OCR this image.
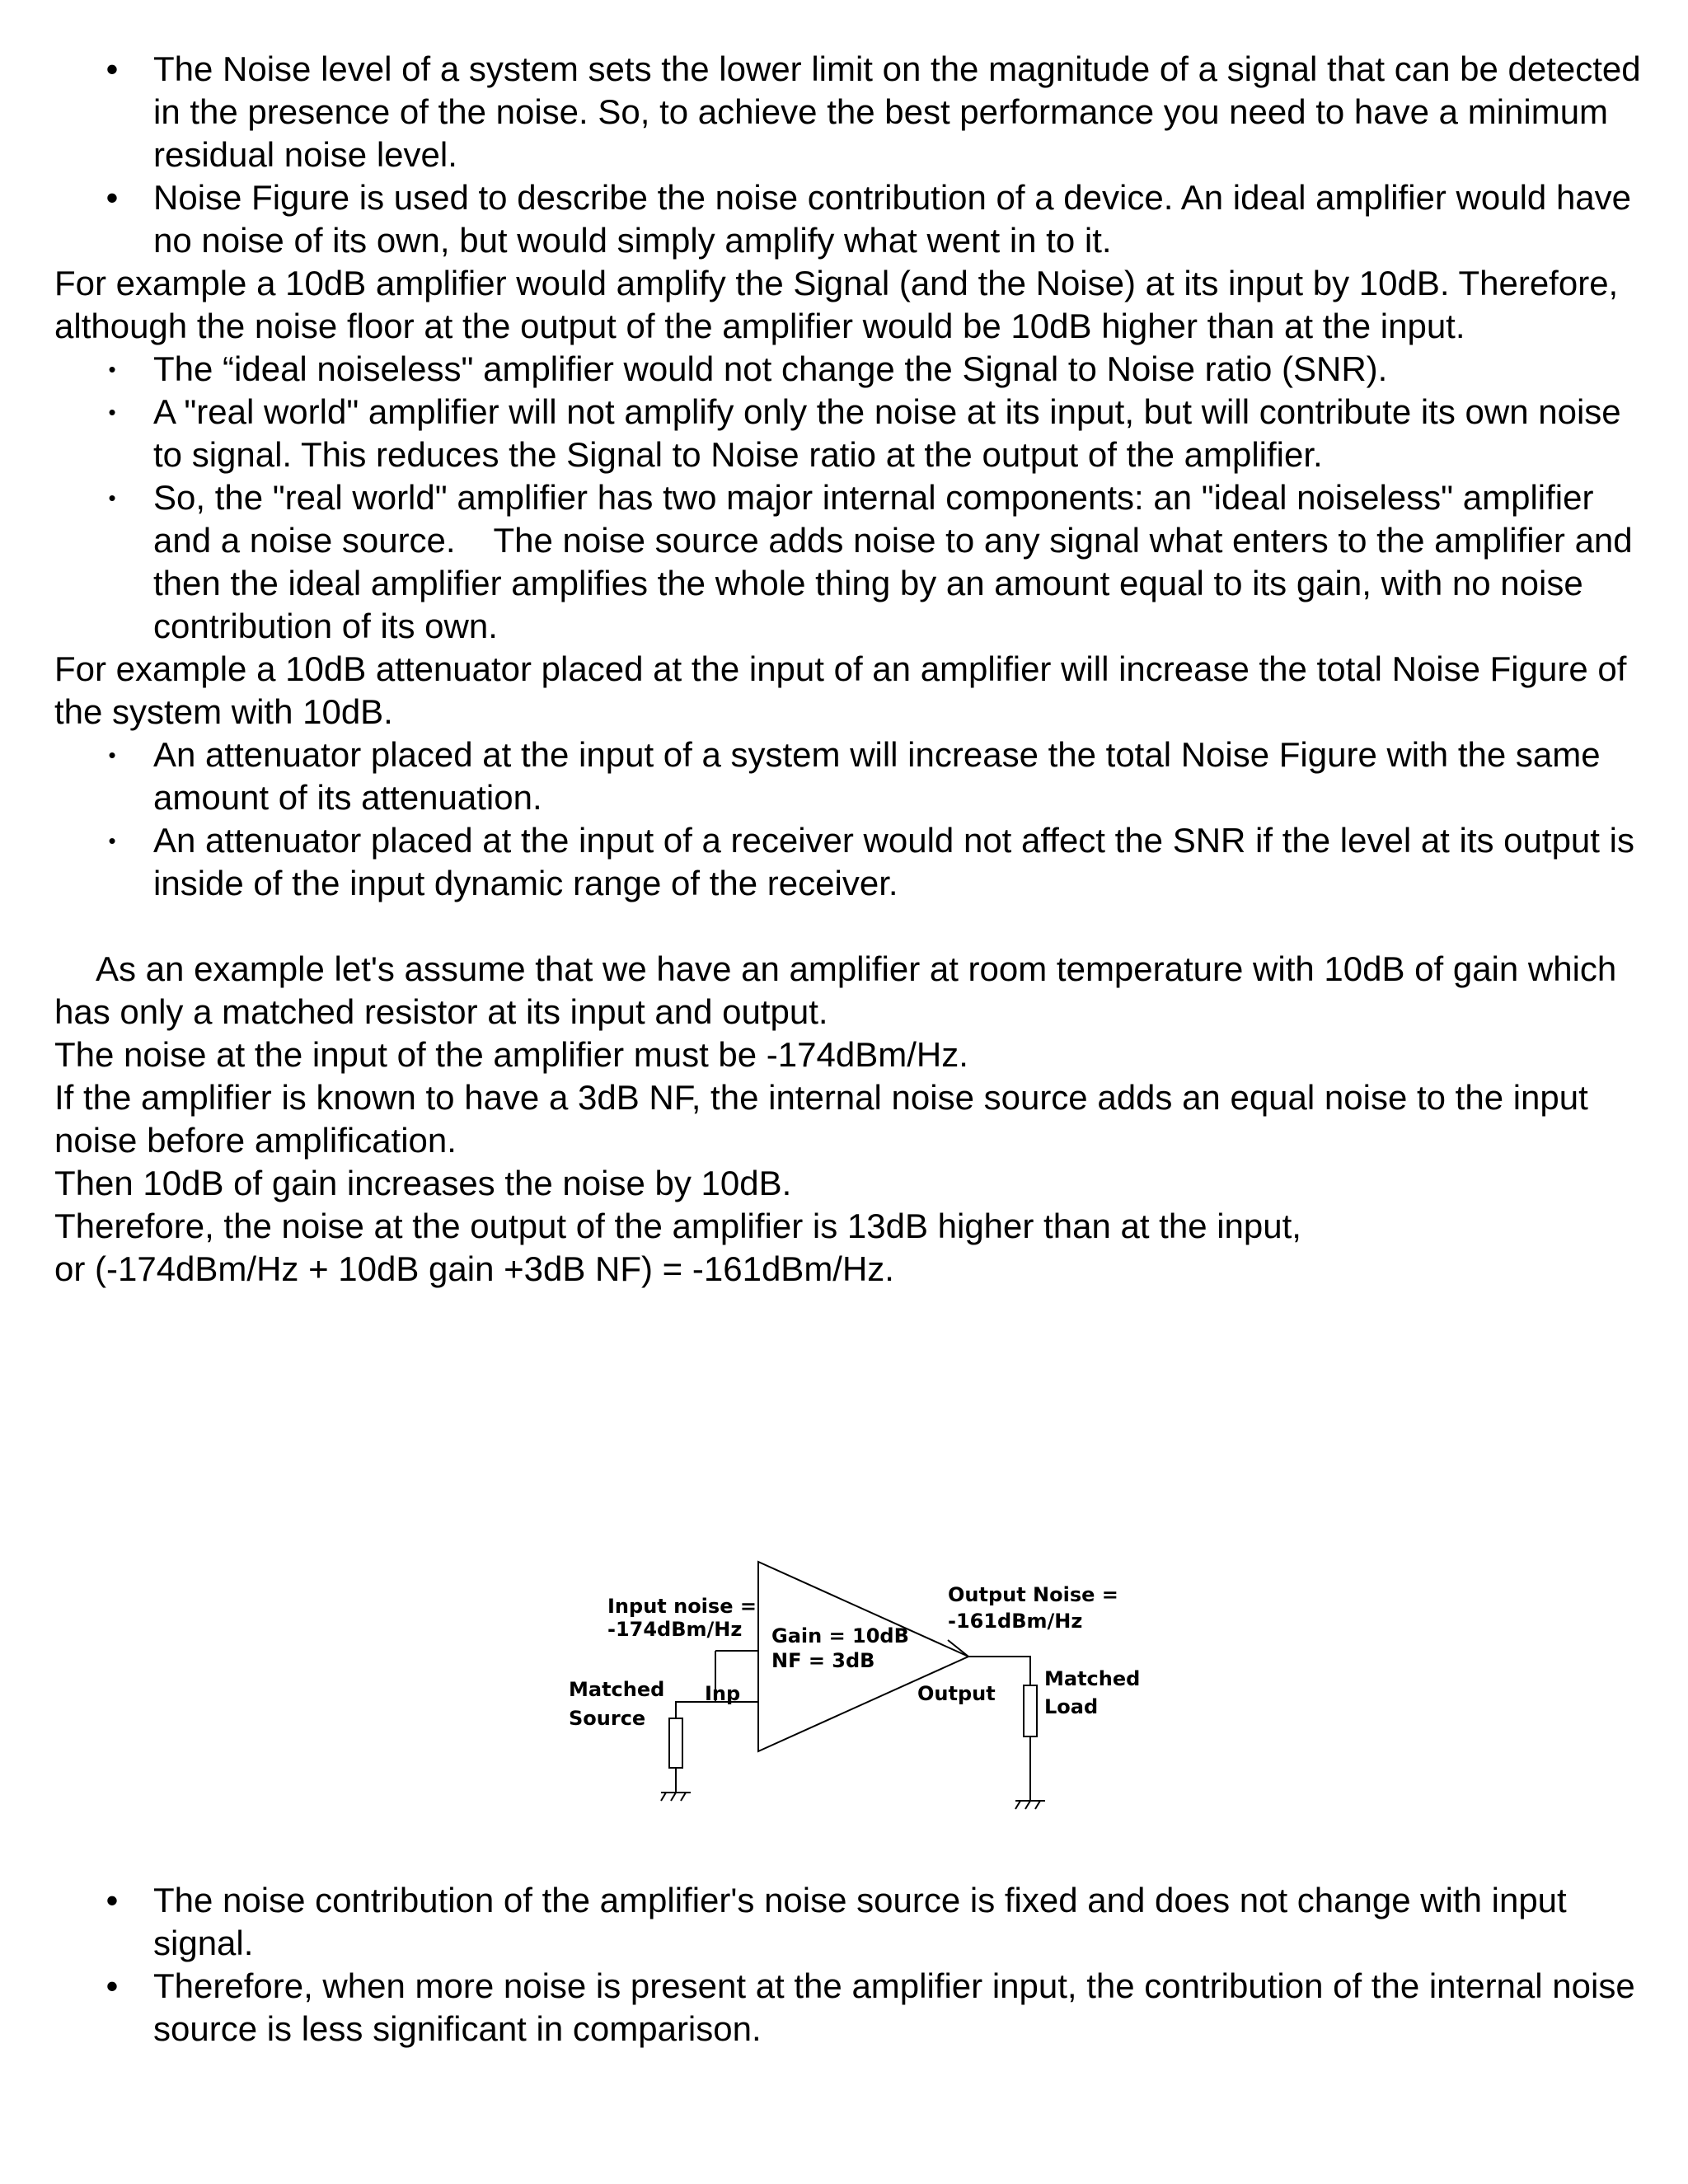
• The Noise level of a system sets the lower limit on the magnitude of a signal that can be detected in the presence of the noise. So, to achieve the best performance you need to have a minimum residual noise level.
• Noise Figure is used to describe the noise contribution of a device. An ideal amplifier would have no noise of its own, but would simply amplify what went in to it.

For example a 10dB amplifier would amplify the Signal (and the Noise) at its input by 10dB. Therefore, although the noise floor at the output of the amplifier would be 10dB higher than at the input.

• The “ideal noiseless" amplifier would not change the Signal to Noise ratio (SNR).
• A "real world" amplifier will not amplify only the noise at its input, but will contribute its own noise to signal. This reduces the Signal to Noise ratio at the output of the amplifier.
• So, the "real world" amplifier has two major internal components: an "ideal noiseless" amplifier and a noise source.    The noise source adds noise to any signal what enters to the amplifier and then the ideal amplifier amplifies the whole thing by an amount equal to its gain, with no noise contribution of its own.

For example a 10dB attenuator placed at the input of an amplifier will increase the total Noise Figure of the system with 10dB.

• An attenuator placed at the input of a system will increase the total Noise Figure with the same amount of its attenuation.
• An attenuator placed at the input of a receiver would not affect the SNR if the level at its output is inside of the input dynamic range of the receiver.

As an example let's assume that we have an amplifier at room temperature with 10dB of gain which has only a matched resistor at its input and output.

The noise at the input of the amplifier must be -174dBm/Hz.

If the amplifier is known to have a 3dB NF, the internal noise source adds an equal noise to the input noise before amplification.

Then 10dB of gain increases the noise by 10dB.

Therefore, the noise at the output of the amplifier is 13dB higher than at the input,

or (-174dBm/Hz + 10dB gain +3dB NF) = -161dBm/Hz.

Input noise =
-174dBm/Hz Gain = 10dB
NF = 3dB
Output Noise =
-161dBm/Hz
Matched
Source
Inp	Output
Matched
Load
• The noise contribution of the amplifier's noise source is fixed and does not change with input signal.
• Therefore, when more noise is present at the amplifier input, the contribution of the internal noise source is less significant in comparison.
